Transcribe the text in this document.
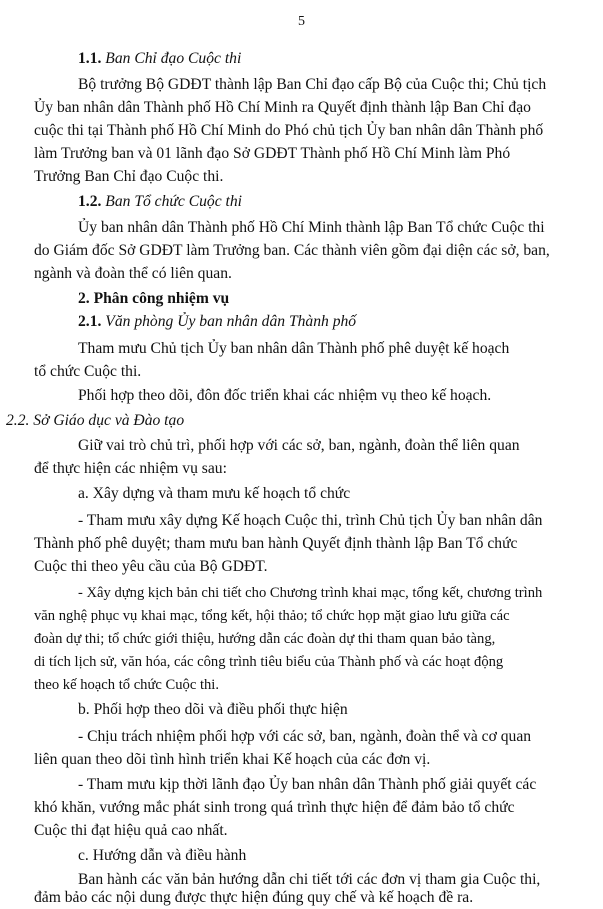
5
1.1. Ban Chỉ đạo Cuộc thi
Bộ trưởng Bộ GDĐT thành lập Ban Chỉ đạo cấp Bộ của Cuộc thi; Chủ tịch
Ủy ban nhân dân Thành phố Hồ Chí Minh ra Quyết định thành lập Ban Chỉ đạo
cuộc thi tại Thành phố Hồ Chí Minh do Phó chủ tịch Ủy ban nhân dân Thành phố
làm Trưởng ban và 01 lãnh đạo Sở GDĐT Thành phố Hồ Chí Minh làm Phó
Trưởng Ban Chỉ đạo Cuộc thi.
1.2. Ban Tổ chức Cuộc thi
Ủy ban nhân dân Thành phố Hồ Chí Minh thành lập Ban Tổ chức Cuộc thi
do Giám đốc Sở GDĐT làm Trưởng ban. Các thành viên gồm đại diện các sở, ban,
ngành và đoàn thể có liên quan.
2. Phân công nhiệm vụ
2.1. Văn phòng Ủy ban nhân dân Thành phố
Tham mưu Chủ tịch Ủy ban nhân dân Thành phố phê duyệt kế hoạch
tổ chức Cuộc thi.
Phối hợp theo dõi, đôn đốc triển khai các nhiệm vụ theo kế hoạch.
2.2. Sở Giáo dục và Đào tạo
Giữ vai trò chủ trì, phối hợp với các sở, ban, ngành, đoàn thể liên quan
để thực hiện các nhiệm vụ sau:
a. Xây dựng và tham mưu kế hoạch tổ chức
- Tham mưu xây dựng Kế hoạch Cuộc thi, trình Chủ tịch Ủy ban nhân dân
Thành phố phê duyệt; tham mưu ban hành Quyết định thành lập Ban Tổ chức
Cuộc thi theo yêu cầu của Bộ GDĐT.
- Xây dựng kịch bản chi tiết cho Chương trình khai mạc, tổng kết, chương trình
văn nghệ phục vụ khai mạc, tổng kết, hội thảo; tổ chức họp mặt giao lưu giữa các
đoàn dự thi; tổ chức giới thiệu, hướng dẫn các đoàn dự thi tham quan bảo tàng,
di tích lịch sử, văn hóa, các công trình tiêu biểu của Thành phố và các hoạt động
theo kế hoạch tổ chức Cuộc thi.
b. Phối hợp theo dõi và điều phối thực hiện
- Chịu trách nhiệm phối hợp với các sở, ban, ngành, đoàn thể và cơ quan
liên quan theo dõi tình hình triển khai Kế hoạch của các đơn vị.
- Tham mưu kịp thời lãnh đạo Ủy ban nhân dân Thành phố giải quyết các
khó khăn, vướng mắc phát sinh trong quá trình thực hiện để đảm bảo tổ chức
Cuộc thi đạt hiệu quả cao nhất.
c. Hướng dẫn và điều hành
Ban hành các văn bản hướng dẫn chi tiết tới các đơn vị tham gia Cuộc thi,
đảm bảo các nội dung được thực hiện đúng quy chế và kế hoạch đề ra.
